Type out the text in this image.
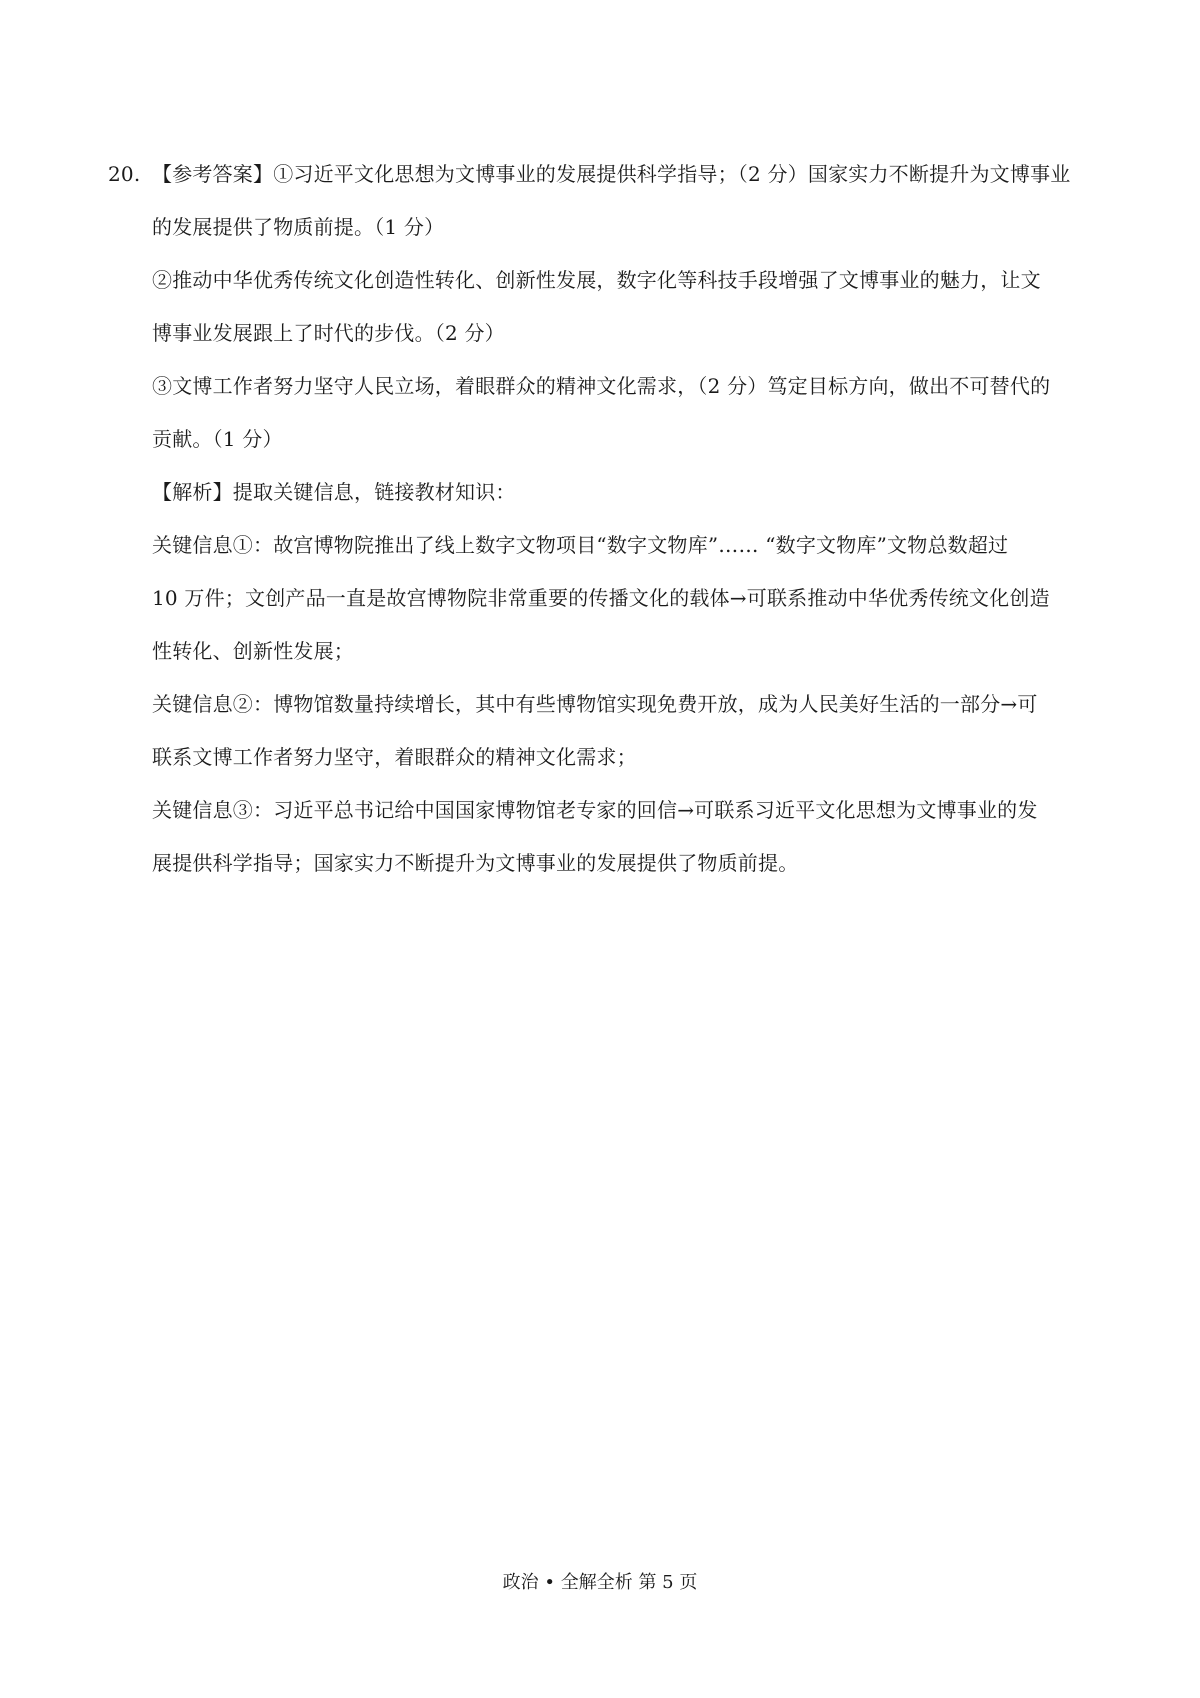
20. 【参考答案】①习近平文化思想为文博事业的发展提供科学指导；（2 分）国家实力不断提升为文博事业
的发展提供了物质前提。（1 分）
②推动中华优秀传统文化创造性转化、创新性发展，数字化等科技手段增强了文博事业的魅力，让文
博事业发展跟上了时代的步伐。（2 分）
③文博工作者努力坚守人民立场，着眼群众的精神文化需求，（2 分）笃定目标方向，做出不可替代的
贡献。（1 分）
【解析】提取关键信息，链接教材知识：
关键信息①：故宫博物院推出了线上数字文物项目“数字文物库”…… “数字文物库”文物总数超过
10 万件；文创产品一直是故宫博物院非常重要的传播文化的载体→可联系推动中华优秀传统文化创造
性转化、创新性发展；
关键信息②：博物馆数量持续增长，其中有些博物馆实现免费开放，成为人民美好生活的一部分→可
联系文博工作者努力坚守，着眼群众的精神文化需求；
关键信息③：习近平总书记给中国国家博物馆老专家的回信→可联系习近平文化思想为文博事业的发
展提供科学指导；国家实力不断提升为文博事业的发展提供了物质前提。
政治 • 全解全析 第 5 页
